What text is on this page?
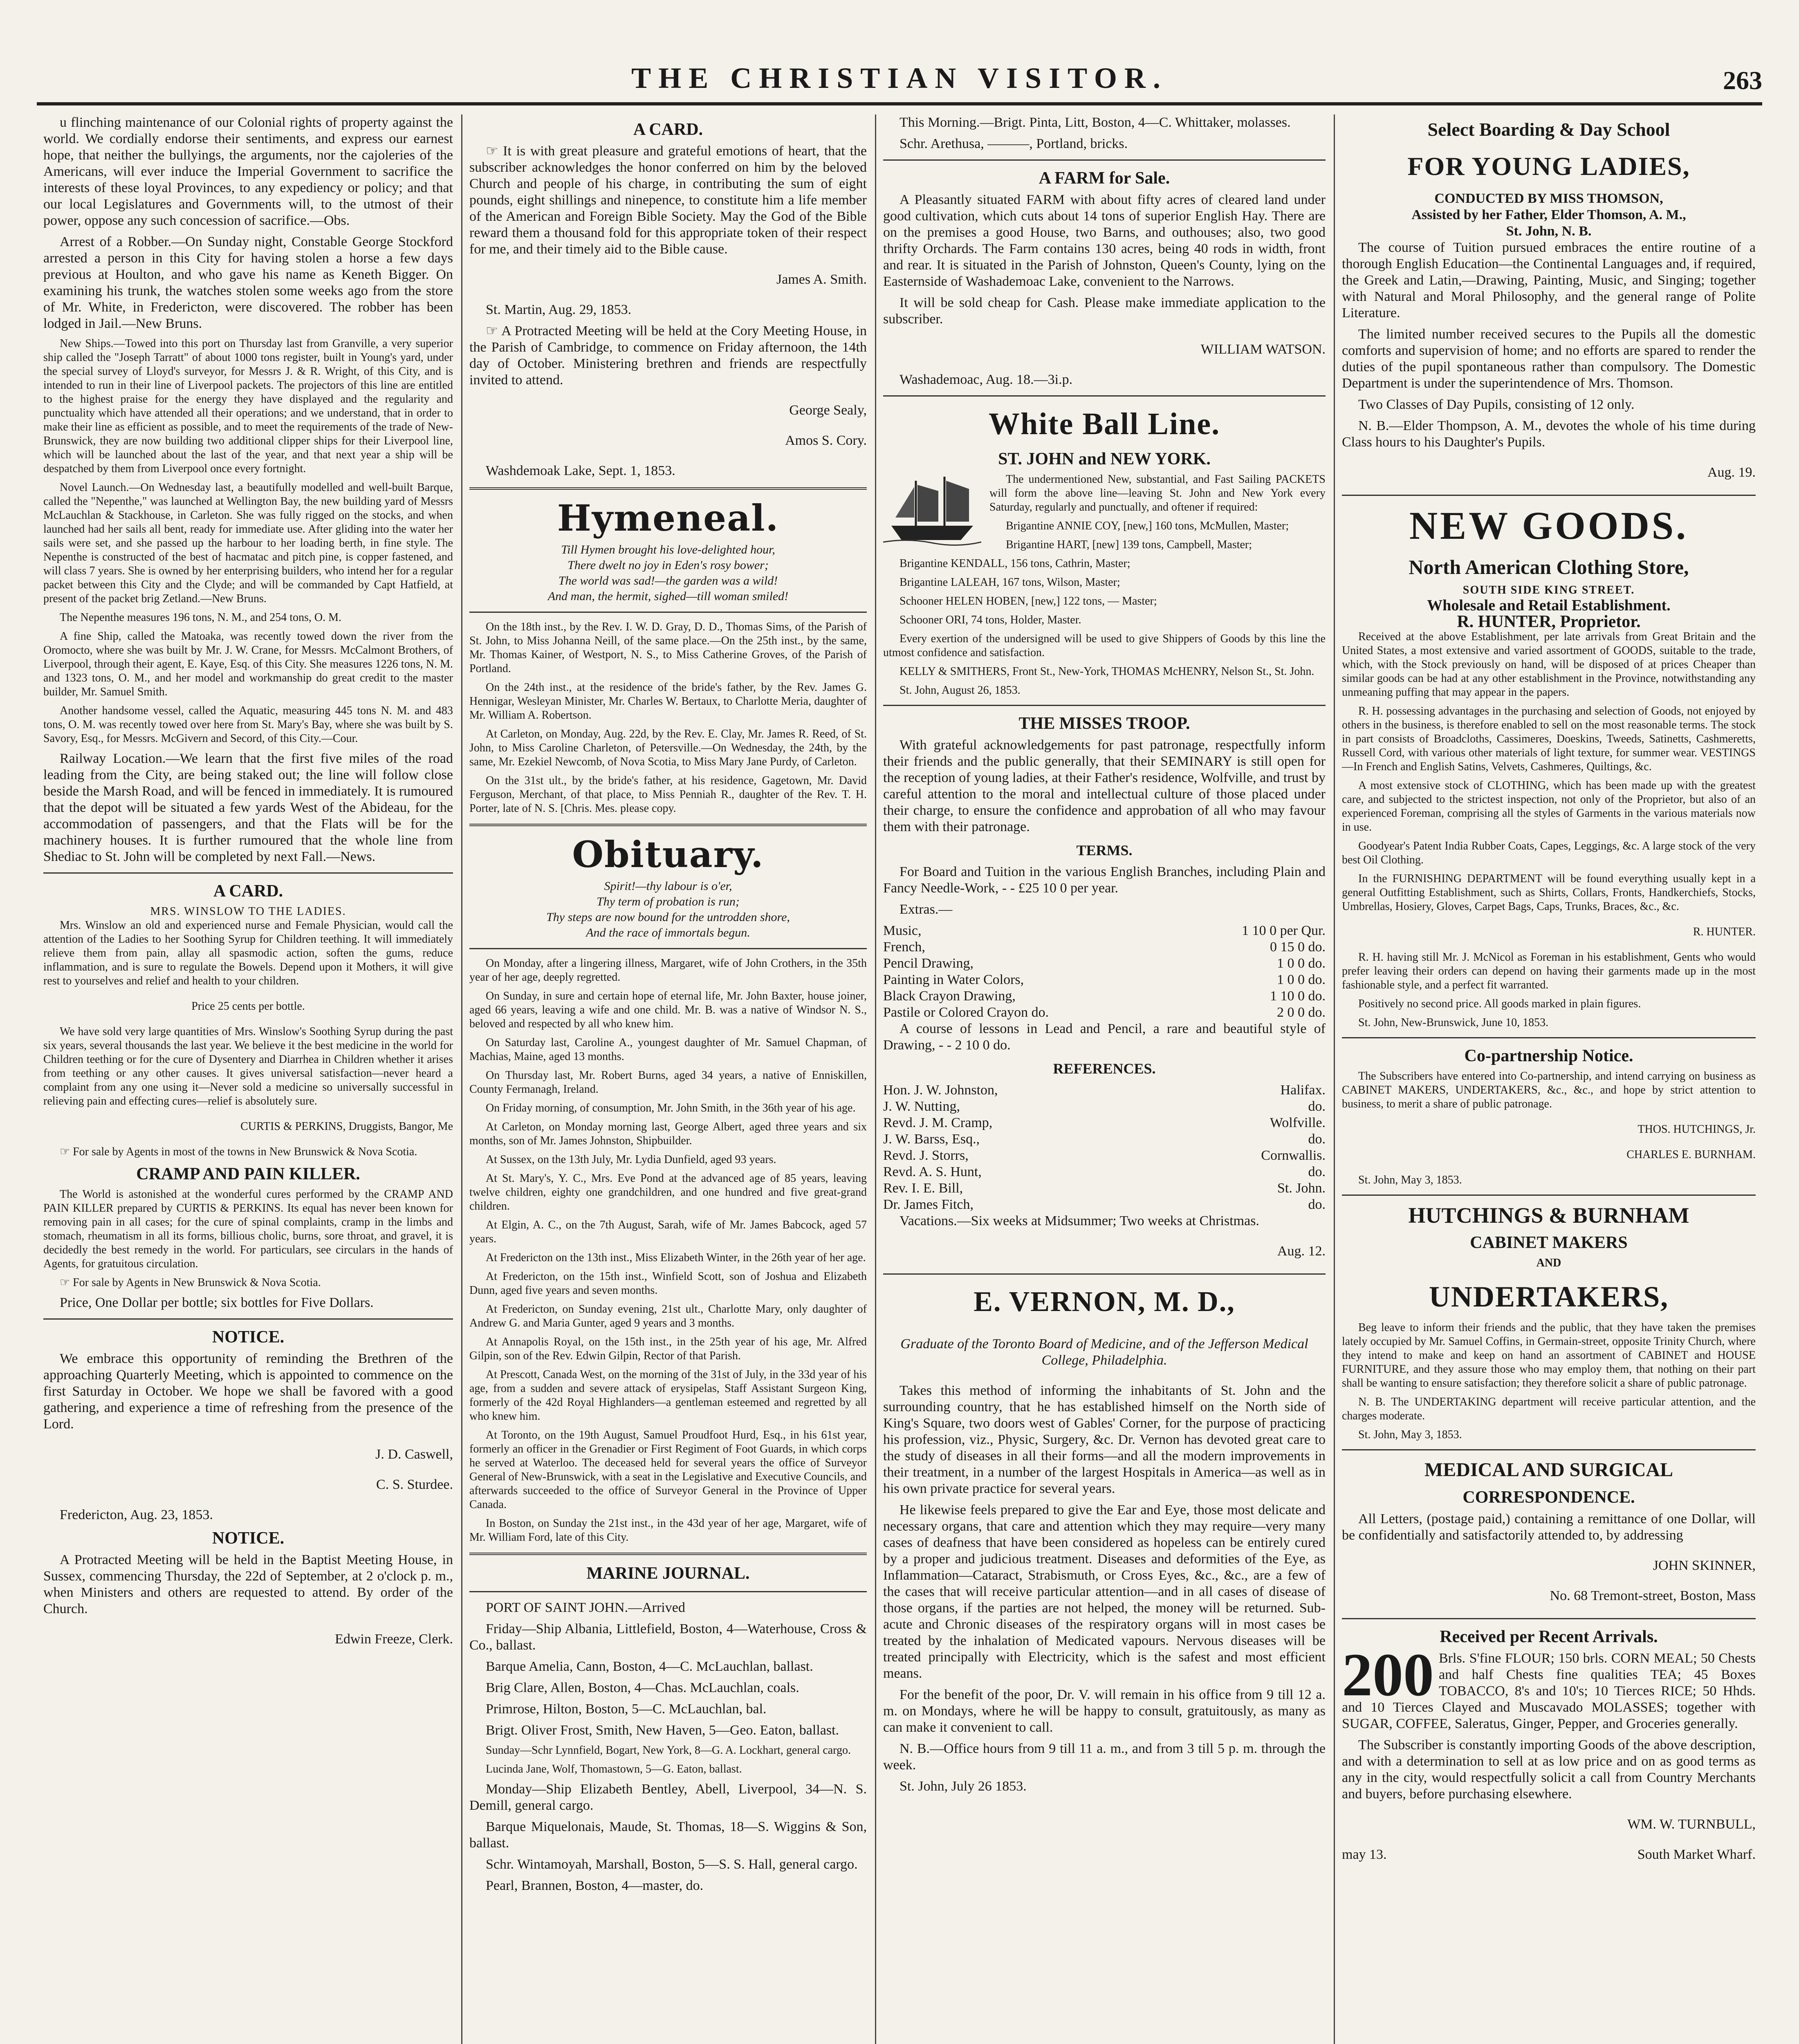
THE CHRISTIAN VISITOR.	263

u flinching maintenance of our Colonial rights of property against the world. We cordially endorse their sentiments, and express our earnest hope, that neither the bullyings, the arguments, nor the cajoleries of the Americans, will ever induce the Imperial Government to sacrifice the interests of these loyal Provinces, to any expediency or policy; and that our local Legislatures and Governments will, to the utmost of their power, oppose any such concession of sacrifice.—Obs.

Arrest of a Robber.—On Sunday night, Constable George Stockford arrested a person in this City for having stolen a horse a few days previous at Houlton, and who gave his name as Keneth Bigger. On examining his trunk, the watches stolen some weeks ago from the store of Mr. White, in Fredericton, were discovered. The robber has been lodged in Jail.—New Bruns.

New Ships.—Towed into this port on Thursday last from Granville, a very superior ship called the "Joseph Tarratt" of about 1000 tons register, built in Young's yard, under the special survey of Lloyd's surveyor, for Messrs J. & R. Wright, of this City, and is intended to run in their line of Liverpool packets. The projectors of this line are entitled to the highest praise for the energy they have displayed and the regularity and punctuality which have attended all their operations; and we understand, that in order to make their line as efficient as possible, and to meet the requirements of the trade of New-Brunswick, they are now building two additional clipper ships for their Liverpool line, which will be launched about the last of the year, and that next year a ship will be despatched by them from Liverpool once every fortnight.

Novel Launch.—On Wednesday last, a beautifully modelled and well-built Barque, called the "Nepenthe," was launched at Wellington Bay, the new building yard of Messrs McLauchlan & Stackhouse, in Carleton. She was fully rigged on the stocks, and when launched had her sails all bent, ready for immediate use. After gliding into the water her sails were set, and she passed up the harbour to her loading berth, in fine style. The Nepenthe is constructed of the best of hacmatac and pitch pine, is copper fastened, and will class 7 years. She is owned by her enterprising builders, who intend her for a regular packet between this City and the Clyde; and will be commanded by Capt Hatfield, at present of the packet brig Zetland.—New Bruns.

The Nepenthe measures 196 tons, N. M., and 254 tons, O. M.

A fine Ship, called the Matoaka, was recently towed down the river from the Oromocto, where she was built by Mr. J. W. Crane, for Messrs. McCalmont Brothers, of Liverpool, through their agent, E. Kaye, Esq. of this City. She measures 1226 tons, N. M. and 1323 tons, O. M., and her model and workmanship do great credit to the master builder, Mr. Samuel Smith.

Another handsome vessel, called the Aquatic, measuring 445 tons N. M. and 483 tons, O. M. was recently towed over here from St. Mary's Bay, where she was built by S. Savory, Esq., for Messrs. McGivern and Secord, of this City.—Cour.

Railway Location.—We learn that the first five miles of the road leading from the City, are being staked out; the line will follow close beside the Marsh Road, and will be fenced in immediately. It is rumoured that the depot will be situated a few yards West of the Abideau, for the accommodation of passengers, and that the Flats will be for the machinery houses. It is further rumoured that the whole line from Shediac to St. John will be completed by next Fall.—News.

A CARD.
MRS. WINSLOW TO THE LADIES.

Mrs. Winslow an old and experienced nurse and Female Physician, would call the attention of the Ladies to her Soothing Syrup for Children teething. It will immediately relieve them from pain, allay all spasmodic action, soften the gums, reduce inflammation, and is sure to regulate the Bowels. Depend upon it Mothers, it will give rest to yourselves and relief and health to your children.

Price 25 cents per bottle.

We have sold very large quantities of Mrs. Winslow's Soothing Syrup during the past six years, several thousands the last year. We believe it the best medicine in the world for Children teething or for the cure of Dysentery and Diarrhea in Children whether it arises from teething or any other causes. It gives universal satisfaction—never heard a complaint from any one using it—Never sold a medicine so universally successful in relieving pain and effecting cures—relief is absolutely sure.

CURTIS & PERKINS, Druggists, Bangor, Me

☞ For sale by Agents in most of the towns in New Brunswick & Nova Scotia.

CRAMP AND PAIN KILLER.

The World is astonished at the wonderful cures performed by the CRAMP AND PAIN KILLER prepared by CURTIS & PERKINS. Its equal has never been known for removing pain in all cases; for the cure of spinal complaints, cramp in the limbs and stomach, rheumatism in all its forms, billious cholic, burns, sore throat, and gravel, it is decidedly the best remedy in the world. For particulars, see circulars in the hands of Agents, for gratuitous circulation.

☞ For sale by Agents in New Brunswick & Nova Scotia.

Price, One Dollar per bottle; six bottles for Five Dollars.

NOTICE.

We embrace this opportunity of reminding the Brethren of the approaching Quarterly Meeting, which is appointed to commence on the first Saturday in October. We hope we shall be favored with a good gathering, and experience a time of refreshing from the presence of the Lord.

J. D. Caswell,

C. S. Sturdee.

Fredericton, Aug. 23, 1853.

NOTICE.

A Protracted Meeting will be held in the Baptist Meeting House, in Sussex, commencing Thursday, the 22d of September, at 2 o'clock p. m., when Ministers and others are requested to attend. By order of the Church.

Edwin Freeze, Clerk.

A CARD.

☞ It is with great pleasure and grateful emotions of heart, that the subscriber acknowledges the honor conferred on him by the beloved Church and people of his charge, in contributing the sum of eight pounds, eight shillings and ninepence, to constitute him a life member of the American and Foreign Bible Society. May the God of the Bible reward them a thousand fold for this appropriate token of their respect for me, and their timely aid to the Bible cause.

James A. Smith.

St. Martin, Aug. 29, 1853.

☞ A Protracted Meeting will be held at the Cory Meeting House, in the Parish of Cambridge, to commence on Friday afternoon, the 14th day of October. Ministering brethren and friends are respectfully invited to attend.

George Sealy,

Amos S. Cory.

Washdemoak Lake, Sept. 1, 1853.

Hymeneal.
Till Hymen brought his love-delighted hour,
There dwelt no joy in Eden's rosy bower;
The world was sad!—the garden was a wild!
And man, the hermit, sighed—till woman smiled!

On the 18th inst., by the Rev. I. W. D. Gray, D. D., Thomas Sims, of the Parish of St. John, to Miss Johanna Neill, of the same place.—On the 25th inst., by the same, Mr. Thomas Kainer, of Westport, N. S., to Miss Catherine Groves, of the Parish of Portland.

On the 24th inst., at the residence of the bride's father, by the Rev. James G. Hennigar, Wesleyan Minister, Mr. Charles W. Bertaux, to Charlotte Meria, daughter of Mr. William A. Robertson.

At Carleton, on Monday, Aug. 22d, by the Rev. E. Clay, Mr. James R. Reed, of St. John, to Miss Caroline Charleton, of Petersville.—On Wednesday, the 24th, by the same, Mr. Ezekiel Newcomb, of Nova Scotia, to Miss Mary Jane Purdy, of Carleton.

On the 31st ult., by the bride's father, at his residence, Gagetown, Mr. David Ferguson, Merchant, of that place, to Miss Penniah R., daughter of the Rev. T. H. Porter, late of N. S. [Chris. Mes. please copy.

Obituary.
Spirit!—thy labour is o'er,
Thy term of probation is run;
Thy steps are now bound for the untrodden shore,
And the race of immortals begun.

On Monday, after a lingering illness, Margaret, wife of John Crothers, in the 35th year of her age, deeply regretted.

On Sunday, in sure and certain hope of eternal life, Mr. John Baxter, house joiner, aged 66 years, leaving a wife and one child. Mr. B. was a native of Windsor N. S., beloved and respected by all who knew him.

On Saturday last, Caroline A., youngest daughter of Mr. Samuel Chapman, of Machias, Maine, aged 13 months.

On Thursday last, Mr. Robert Burns, aged 34 years, a native of Enniskillen, County Fermanagh, Ireland.

On Friday morning, of consumption, Mr. John Smith, in the 36th year of his age.

At Carleton, on Monday morning last, George Albert, aged three years and six months, son of Mr. James Johnston, Shipbuilder.

At Sussex, on the 13th July, Mr. Lydia Dunfield, aged 93 years.

At St. Mary's, Y. C., Mrs. Eve Pond at the advanced age of 85 years, leaving twelve children, eighty one grandchildren, and one hundred and five great-grand children.

At Elgin, A. C., on the 7th August, Sarah, wife of Mr. James Babcock, aged 57 years.

At Fredericton on the 13th inst., Miss Elizabeth Winter, in the 26th year of her age.

At Fredericton, on the 15th inst., Winfield Scott, son of Joshua and Elizabeth Dunn, aged five years and seven months.

At Fredericton, on Sunday evening, 21st ult., Charlotte Mary, only daughter of Andrew G. and Maria Gunter, aged 9 years and 3 months.

At Annapolis Royal, on the 15th inst., in the 25th year of his age, Mr. Alfred Gilpin, son of the Rev. Edwin Gilpin, Rector of that Parish.

At Prescott, Canada West, on the morning of the 31st of July, in the 33d year of his age, from a sudden and severe attack of erysipelas, Staff Assistant Surgeon King, formerly of the 42d Royal Highlanders—a gentleman esteemed and regretted by all who knew him.

At Toronto, on the 19th August, Samuel Proudfoot Hurd, Esq., in his 61st year, formerly an officer in the Grenadier or First Regiment of Foot Guards, in which corps he served at Waterloo. The deceased held for several years the office of Surveyor General of New-Brunswick, with a seat in the Legislative and Executive Councils, and afterwards succeeded to the office of Surveyor General in the Province of Upper Canada.

In Boston, on Sunday the 21st inst., in the 43d year of her age, Margaret, wife of Mr. William Ford, late of this City.

MARINE JOURNAL.

PORT OF SAINT JOHN.—Arrived

Friday—Ship Albania, Littlefield, Boston, 4—Waterhouse, Cross & Co., ballast.

Barque Amelia, Cann, Boston, 4—C. McLauchlan, ballast.

Brig Clare, Allen, Boston, 4—Chas. McLauchlan, coals.

Primrose, Hilton, Boston, 5—C. McLauchlan, bal.

Brigt. Oliver Frost, Smith, New Haven, 5—Geo. Eaton, ballast.

Sunday—Schr Lynnfield, Bogart, New York, 8—G. A. Lockhart, general cargo.

Lucinda Jane, Wolf, Thomastown, 5—G. Eaton, ballast.

Monday—Ship Elizabeth Bentley, Abell, Liverpool, 34—N. S. Demill, general cargo.

Barque Miquelonais, Maude, St. Thomas, 18—S. Wiggins & Son, ballast.

Schr. Wintamoyah, Marshall, Boston, 5—S. S. Hall, general cargo.

Pearl, Brannen, Boston, 4—master, do.

This Morning.—Brigt. Pinta, Litt, Boston, 4—C. Whittaker, molasses.

Schr. Arethusa, ———, Portland, bricks.

A FARM for Sale.

A Pleasantly situated FARM with about fifty acres of cleared land under good cultivation, which cuts about 14 tons of superior English Hay. There are on the premises a good House, two Barns, and outhouses; also, two good thrifty Orchards. The Farm contains 130 acres, being 40 rods in width, front and rear. It is situated in the Parish of Johnston, Queen's County, lying on the Easternside of Washademoac Lake, convenient to the Narrows.

It will be sold cheap for Cash. Please make immediate application to the subscriber.

WILLIAM WATSON.

Washademoac, Aug. 18.—3i.p.

White Ball Line.
ST. JOHN and NEW YORK.

The undermentioned New, substantial, and Fast Sailing PACKETS will form the above line—leaving St. John and New York every Saturday, regularly and punctually, and oftener if required:

Brigantine ANNIE COY, [new,] 160 tons, McMullen, Master;

Brigantine HART, [new] 139 tons, Campbell, Master;

Brigantine KENDALL, 156 tons, Cathrin, Master;

Brigantine LALEAH, 167 tons, Wilson, Master;

Schooner HELEN HOBEN, [new,] 122 tons, — Master;

Schooner ORI, 74 tons, Holder, Master.

Every exertion of the undersigned will be used to give Shippers of Goods by this line the utmost confidence and satisfaction.

KELLY & SMITHERS, Front St., New-York, THOMAS McHENRY, Nelson St., St. John.

St. John, August 26, 1853.

THE MISSES TROOP.

With grateful acknowledgements for past patronage, respectfully inform their friends and the public generally, that their SEMINARY is still open for the reception of young ladies, at their Father's residence, Wolfville, and trust by careful attention to the moral and intellectual culture of those placed under their charge, to ensure the confidence and approbation of all who may favour them with their patronage.

TERMS.

For Board and Tuition in the various English Branches, including Plain and Fancy Needle-Work, - - £25 10 0 per year.

Extras.—

Music,	1 10 0 per Qur.
French,	0 15 0 do.
Pencil Drawing,	1 0 0 do.
Painting in Water Colors,	1 0 0 do.
Black Crayon Drawing,	1 10 0 do.
Pastile or Colored Crayon do.	2 0 0 do.

A course of lessons in Lead and Pencil, a rare and beautiful style of Drawing, - - 2 10 0 do.

REFERENCES.
Hon. J. W. Johnston,	Halifax.
J. W. Nutting,	do.
Revd. J. M. Cramp,	Wolfville.
J. W. Barss, Esq.,	do.
Revd. J. Storrs,	Cornwallis.
Revd. A. S. Hunt,	do.
Rev. I. E. Bill,	St. John.
Dr. James Fitch,	do.

Vacations.—Six weeks at Midsummer; Two weeks at Christmas.

Aug. 12.

E. VERNON, M. D.,

Graduate of the Toronto Board of Medicine, and of the Jefferson Medical College, Philadelphia.

Takes this method of informing the inhabitants of St. John and the surrounding country, that he has established himself on the North side of King's Square, two doors west of Gables' Corner, for the purpose of practicing his profession, viz., Physic, Surgery, &c. Dr. Vernon has devoted great care to the study of diseases in all their forms—and all the modern improvements in their treatment, in a number of the largest Hospitals in America—as well as in his own private practice for several years.

He likewise feels prepared to give the Ear and Eye, those most delicate and necessary organs, that care and attention which they may require—very many cases of deafness that have been considered as hopeless can be entirely cured by a proper and judicious treatment. Diseases and deformities of the Eye, as Inflammation—Cataract, Strabismuth, or Cross Eyes, &c., &c., are a few of the cases that will receive particular attention—and in all cases of disease of those organs, if the parties are not helped, the money will be returned. Sub-acute and Chronic diseases of the respiratory organs will in most cases be treated by the inhalation of Medicated vapours. Nervous diseases will be treated principally with Electricity, which is the safest and most efficient means.

For the benefit of the poor, Dr. V. will remain in his office from 9 till 12 a. m. on Mondays, where he will be happy to consult, gratuitously, as many as can make it convenient to call.

N. B.—Office hours from 9 till 11 a. m., and from 3 till 5 p. m. through the week.

St. John, July 26 1853.

Select Boarding & Day School
FOR YOUNG LADIES,
CONDUCTED BY MISS THOMSON,
Assisted by her Father, Elder Thomson, A. M.,
St. John, N. B.

The course of Tuition pursued embraces the entire routine of a thorough English Education—the Continental Languages and, if required, the Greek and Latin,—Drawing, Painting, Music, and Singing; together with Natural and Moral Philosophy, and the general range of Polite Literature.

The limited number received secures to the Pupils all the domestic comforts and supervision of home; and no efforts are spared to render the duties of the pupil spontaneous rather than compulsory. The Domestic Department is under the superintendence of Mrs. Thomson.

Two Classes of Day Pupils, consisting of 12 only.

N. B.—Elder Thompson, A. M., devotes the whole of his time during Class hours to his Daughter's Pupils.

Aug. 19.

NEW GOODS.
North American Clothing Store,
SOUTH SIDE KING STREET.
Wholesale and Retail Establishment.
R. HUNTER, Proprietor.

Received at the above Establishment, per late arrivals from Great Britain and the United States, a most extensive and varied assortment of GOODS, suitable to the trade, which, with the Stock previously on hand, will be disposed of at prices Cheaper than similar goods can be had at any other establishment in the Province, notwithstanding any unmeaning puffing that may appear in the papers.

R. H. possessing advantages in the purchasing and selection of Goods, not enjoyed by others in the business, is therefore enabled to sell on the most reasonable terms. The stock in part consists of Broadcloths, Cassimeres, Doeskins, Tweeds, Satinetts, Cashmeretts, Russell Cord, with various other materials of light texture, for summer wear. VESTINGS—In French and English Satins, Velvets, Cashmeres, Quiltings, &c.

A most extensive stock of CLOTHING, which has been made up with the greatest care, and subjected to the strictest inspection, not only of the Proprietor, but also of an experienced Foreman, comprising all the styles of Garments in the various materials now in use.

Goodyear's Patent India Rubber Coats, Capes, Leggings, &c. A large stock of the very best Oil Clothing.

In the FURNISHING DEPARTMENT will be found everything usually kept in a general Outfitting Establishment, such as Shirts, Collars, Fronts, Handkerchiefs, Stocks, Umbrellas, Hosiery, Gloves, Carpet Bags, Caps, Trunks, Braces, &c., &c.

R. HUNTER.

R. H. having still Mr. J. McNicol as Foreman in his establishment, Gents who would prefer leaving their orders can depend on having their garments made up in the most fashionable style, and a perfect fit warranted.

Positively no second price. All goods marked in plain figures.

St. John, New-Brunswick, June 10, 1853.

Co-partnership Notice.

The Subscribers have entered into Co-partnership, and intend carrying on business as CABINET MAKERS, UNDERTAKERS, &c., &c., and hope by strict attention to business, to merit a share of public patronage.

THOS. HUTCHINGS, Jr.

CHARLES E. BURNHAM.

St. John, May 3, 1853.

HUTCHINGS & BURNHAM
CABINET MAKERS
AND
UNDERTAKERS,

Beg leave to inform their friends and the public, that they have taken the premises lately occupied by Mr. Samuel Coffins, in Germain-street, opposite Trinity Church, where they intend to make and keep on hand an assortment of CABINET and HOUSE FURNITURE, and they assure those who may employ them, that nothing on their part shall be wanting to ensure satisfaction; they therefore solicit a share of public patronage.

N. B. The UNDERTAKING department will receive particular attention, and the charges moderate.

St. John, May 3, 1853.

MEDICAL AND SURGICAL
CORRESPONDENCE.

All Letters, (postage paid,) containing a remittance of one Dollar, will be confidentially and satisfactorily attended to, by addressing

JOHN SKINNER,

No. 68 Tremont-street, Boston, Mass

Received per Recent Arrivals.

200 Brls. S'fine FLOUR; 150 brls. CORN MEAL; 50 Chests and half Chests fine qualities TEA; 45 Boxes TOBACCO, 8's and 10's; 10 Tierces RICE; 50 Hhds. and 10 Tierces Clayed and Muscavado MOLASSES; together with SUGAR, COFFEE, Saleratus, Ginger, Pepper, and Groceries generally.

The Subscriber is constantly importing Goods of the above description, and with a determination to sell at as low price and on as good terms as any in the city, would respectfully solicit a call from Country Merchants and buyers, before purchasing elsewhere.

WM. W. TURNBULL,

may 13.	South Market Wharf.
